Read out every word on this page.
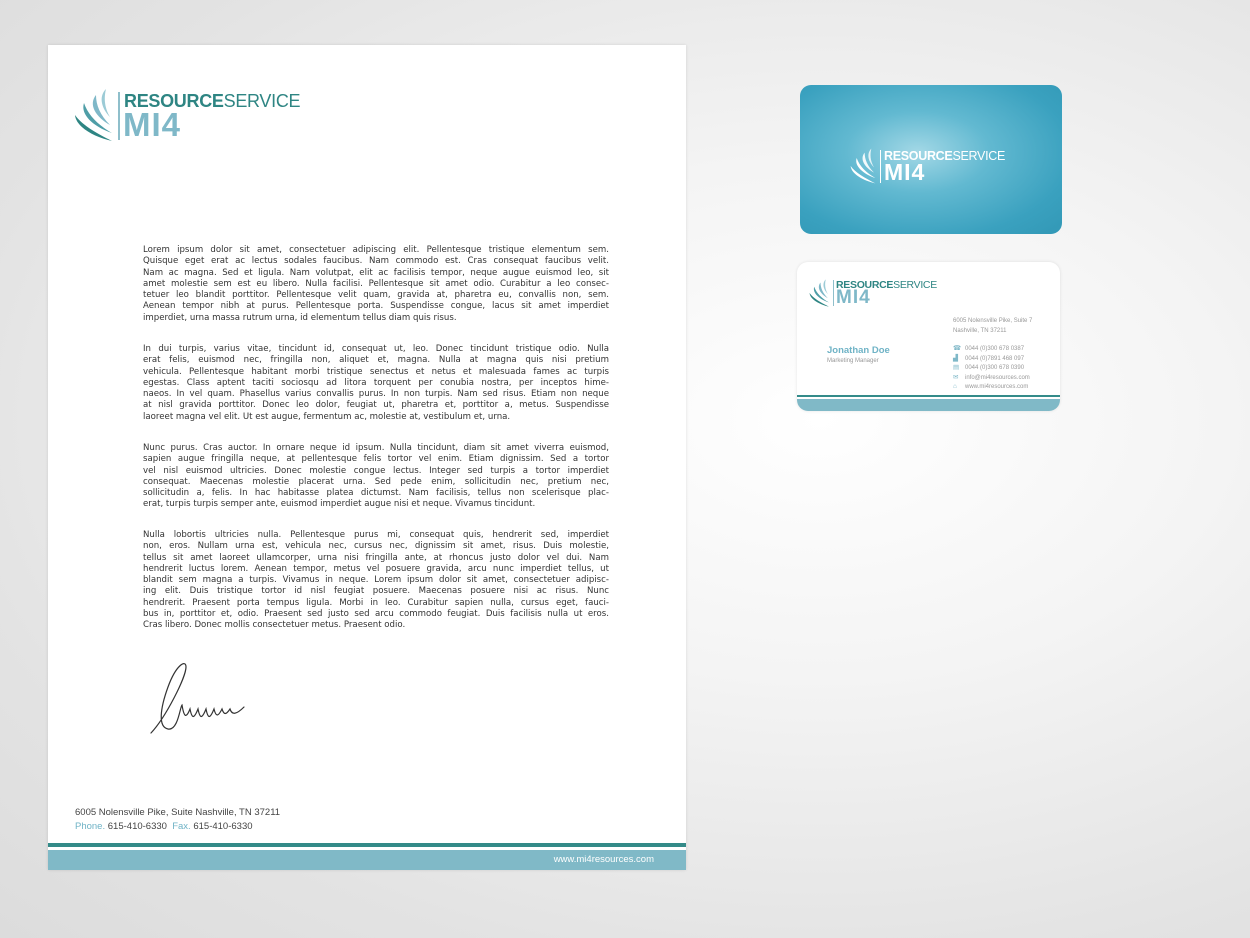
RESOURCESERVICE
MI4
Lorem ipsum dolor sit amet, consectetuer adipiscing elit. Pellentesque tristique elementum sem.
Quisque eget erat ac lectus sodales faucibus. Nam commodo est. Cras consequat faucibus velit.
Nam ac magna. Sed et ligula. Nam volutpat, elit ac facilisis tempor, neque augue euismod leo, sit
amet molestie sem est eu libero. Nulla facilisi. Pellentesque sit amet odio. Curabitur a leo consec-
tetuer leo blandit porttitor. Pellentesque velit quam, gravida at, pharetra eu, convallis non, sem.
Aenean tempor nibh at purus. Pellentesque porta. Suspendisse congue, lacus sit amet imperdiet
imperdiet, urna massa rutrum urna, id elementum tellus diam quis risus.
In dui turpis, varius vitae, tincidunt id, consequat ut, leo. Donec tincidunt tristique odio. Nulla
erat felis, euismod nec, fringilla non, aliquet et, magna. Nulla at magna quis nisi pretium
vehicula. Pellentesque habitant morbi tristique senectus et netus et malesuada fames ac turpis
egestas. Class aptent taciti sociosqu ad litora torquent per conubia nostra, per inceptos hime-
naeos. In vel quam. Phasellus varius convallis purus. In non turpis. Nam sed risus. Etiam non neque
at nisl gravida porttitor. Donec leo dolor, feugiat ut, pharetra et, porttitor a, metus. Suspendisse
laoreet magna vel elit. Ut est augue, fermentum ac, molestie at, vestibulum et, urna.
Nunc purus. Cras auctor. In ornare neque id ipsum. Nulla tincidunt, diam sit amet viverra euismod,
sapien augue fringilla neque, at pellentesque felis tortor vel enim. Etiam dignissim. Sed a tortor
vel nisl euismod ultricies. Donec molestie congue lectus. Integer sed turpis a tortor imperdiet
consequat. Maecenas molestie placerat urna. Sed pede enim, sollicitudin nec, pretium nec,
sollicitudin a, felis. In hac habitasse platea dictumst. Nam facilisis, tellus non scelerisque plac-
erat, turpis turpis semper ante, euismod imperdiet augue nisi et neque. Vivamus tincidunt.
Nulla lobortis ultricies nulla. Pellentesque purus mi, consequat quis, hendrerit sed, imperdiet
non, eros. Nullam urna est, vehicula nec, cursus nec, dignissim sit amet, risus. Duis molestie,
tellus sit amet laoreet ullamcorper, urna nisi fringilla ante, at rhoncus justo dolor vel dui. Nam
hendrerit luctus lorem. Aenean tempor, metus vel posuere gravida, arcu nunc imperdiet tellus, ut
blandit sem magna a turpis. Vivamus in neque. Lorem ipsum dolor sit amet, consectetuer adipisc-
ing elit. Duis tristique tortor id nisl feugiat posuere. Maecenas posuere nisi ac risus. Nunc
hendrerit. Praesent porta tempus ligula. Morbi in leo. Curabitur sapien nulla, cursus eget, fauci-
bus in, porttitor et, odio. Praesent sed justo sed arcu commodo feugiat. Duis facilisis nulla ut eros.
Cras libero. Donec mollis consectetuer metus. Praesent odio.
6005 Nolensville Pike, Suite Nashville, TN 37211
Phone. 615-410-6330 Fax. 615-410-6330
www.mi4resources.com
RESOURCESERVICE
MI4
RESOURCESERVICE
MI4
6005 Nolensville Pike, Suite 7
Nashville, TN 37211
Jonathan Doe
Marketing Manager
☎ 0044 (0)300 678 0387
▟ 0044 (0)7891 468 097
▤ 0044 (0)300 678 0390
✉ info@mi4resources.com
⌂ www.mi4resources.com
